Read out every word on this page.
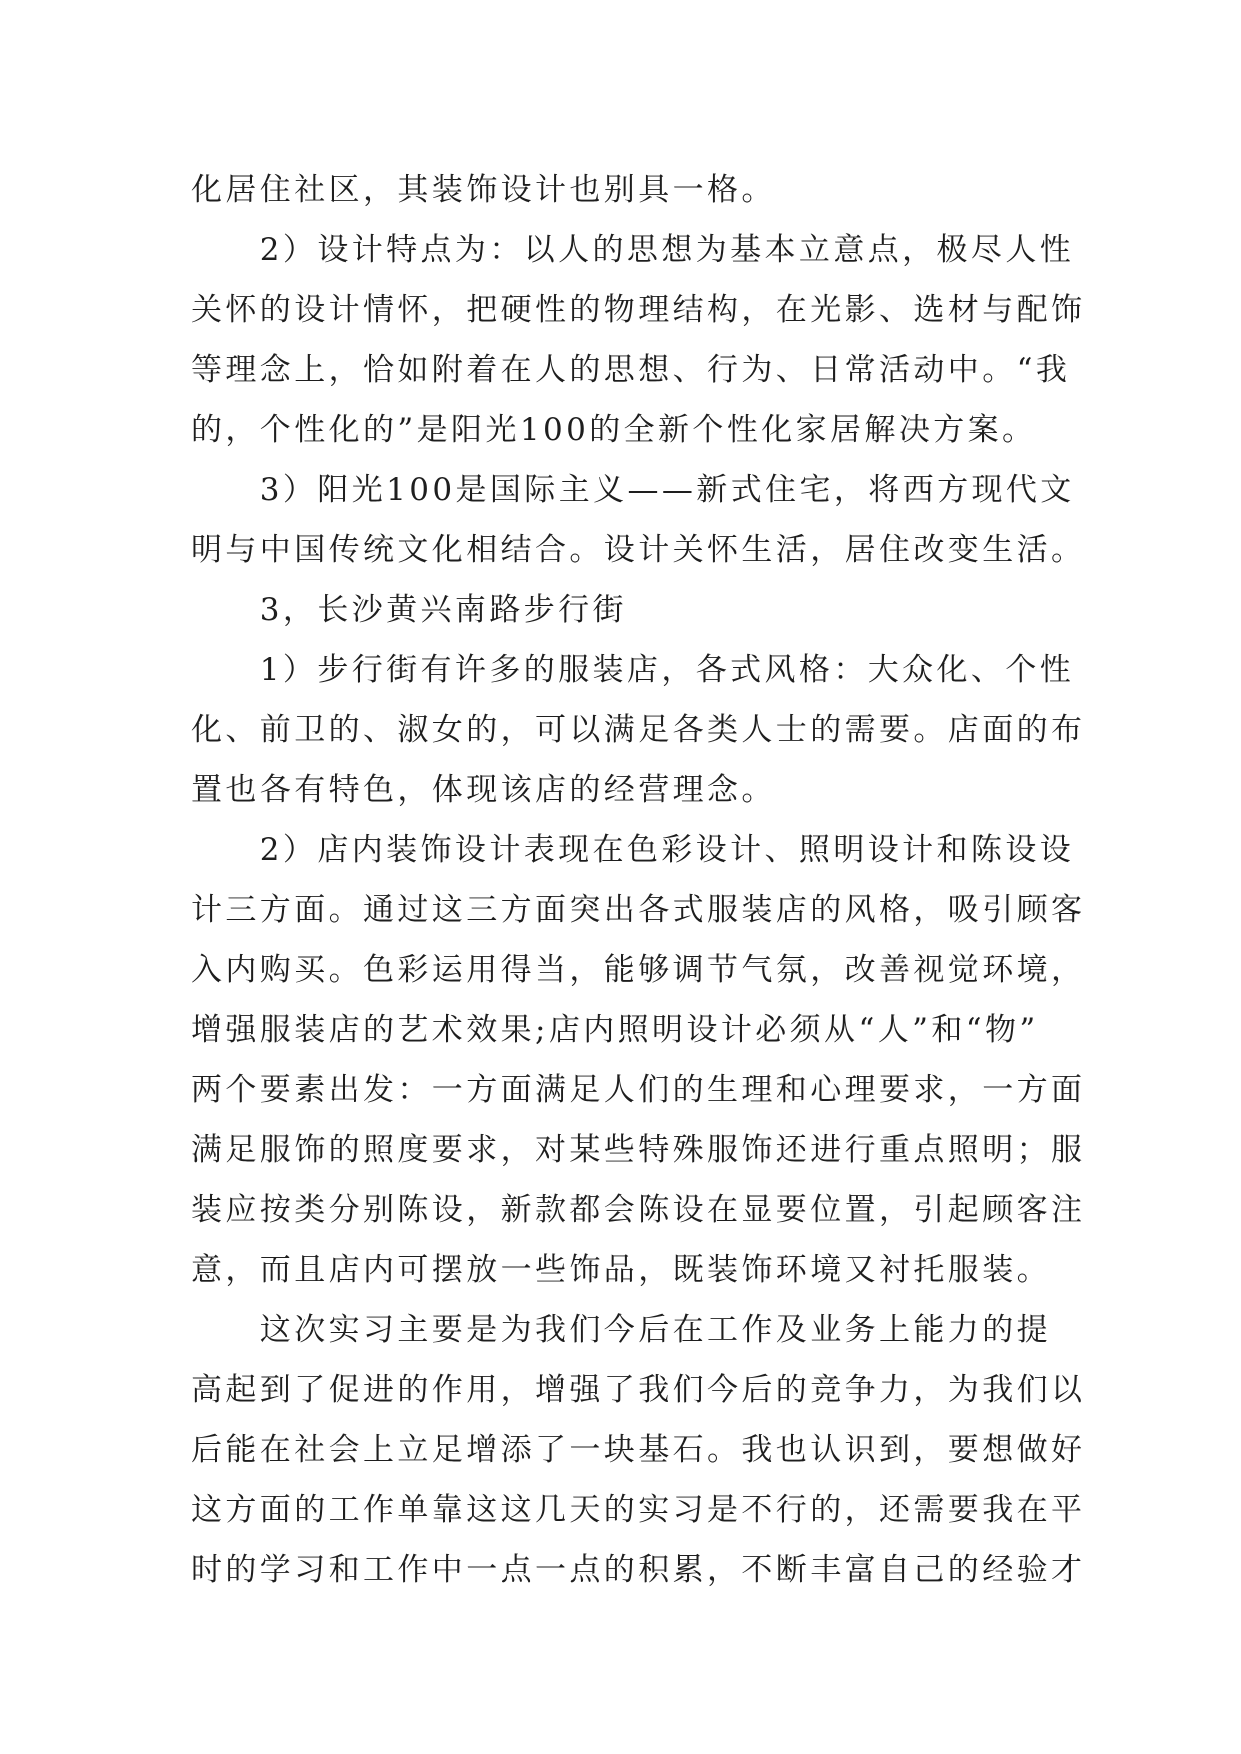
化居住社区，其装饰设计也别具一格。
　　2）设计特点为：以人的思想为基本立意点，极尽人性
关怀的设计情怀，把硬性的物理结构，在光影、选材与配饰
等理念上，恰如附着在人的思想、行为、日常活动中。“我
的，个性化的”是阳光100的全新个性化家居解决方案。
　　3）阳光100是国际主义——新式住宅，将西方现代文
明与中国传统文化相结合。设计关怀生活，居住改变生活。
　　3，长沙黄兴南路步行街
　　1）步行街有许多的服装店，各式风格：大众化、个性
化、前卫的、淑女的，可以满足各类人士的需要。店面的布
置也各有特色，体现该店的经营理念。
　　2）店内装饰设计表现在色彩设计、照明设计和陈设设
计三方面。通过这三方面突出各式服装店的风格，吸引顾客
入内购买。色彩运用得当，能够调节气氛，改善视觉环境，
增强服装店的艺术效果;店内照明设计必须从“人”和“物”
两个要素出发：一方面满足人们的生理和心理要求，一方面
满足服饰的照度要求，对某些特殊服饰还进行重点照明；服
装应按类分别陈设，新款都会陈设在显要位置，引起顾客注
意，而且店内可摆放一些饰品，既装饰环境又衬托服装。
　　这次实习主要是为我们今后在工作及业务上能力的提
高起到了促进的作用，增强了我们今后的竞争力，为我们以
后能在社会上立足增添了一块基石。我也认识到，要想做好
这方面的工作单靠这这几天的实习是不行的，还需要我在平
时的学习和工作中一点一点的积累，不断丰富自己的经验才
